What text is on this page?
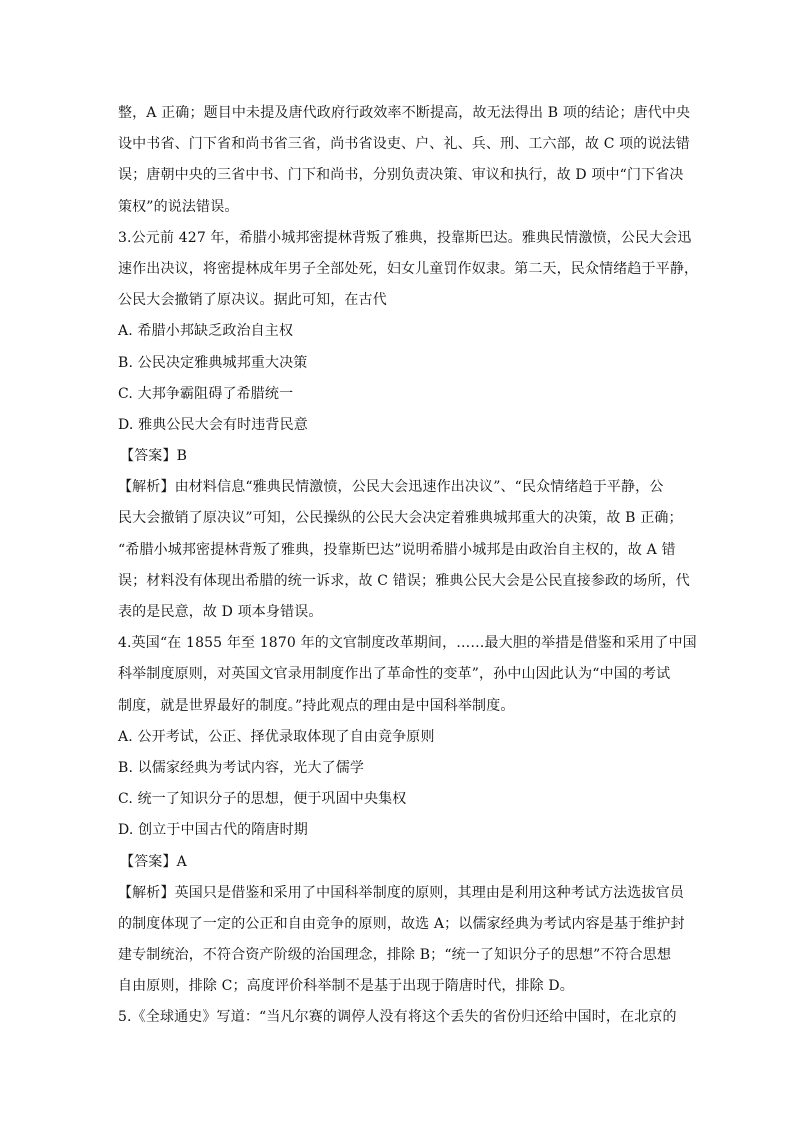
整，A 正确；题目中未提及唐代政府行政效率不断提高，故无法得出 B 项的结论；唐代中央
设中书省、门下省和尚书省三省，尚书省设吏、户、礼、兵、刑、工六部，故 C 项的说法错
误；唐朝中央的三省中书、门下和尚书，分别负责决策、审议和执行，故 D 项中“门下省决
策权”的说法错误。
3.公元前 427 年，希腊小城邦密提林背叛了雅典，投靠斯巴达。雅典民情激愤，公民大会迅
速作出决议，将密提林成年男子全部处死，妇女儿童罚作奴隶。第二天，民众情绪趋于平静，
公民大会撤销了原决议。据此可知，在古代
A. 希腊小邦缺乏政治自主权
B. 公民决定雅典城邦重大决策
C. 大邦争霸阻碍了希腊统一
D. 雅典公民大会有时违背民意
【答案】B
【解析】由材料信息“雅典民情激愤，公民大会迅速作出决议”、“民众情绪趋于平静，公
民大会撤销了原决议”可知，公民操纵的公民大会决定着雅典城邦重大的决策，故 B 正确；
“希腊小城邦密提林背叛了雅典，投靠斯巴达”说明希腊小城邦是由政治自主权的，故 A 错
误；材料没有体现出希腊的统一诉求，故 C 错误；雅典公民大会是公民直接参政的场所，代
表的是民意，故 D 项本身错误。
4.英国“在 1855 年至 1870 年的文官制度改革期间，……最大胆的举措是借鉴和采用了中国
科举制度原则，对英国文官录用制度作出了革命性的变革”，孙中山因此认为“中国的考试
制度，就是世界最好的制度。”持此观点的理由是中国科举制度。
A. 公开考试，公正、择优录取体现了自由竞争原则
B. 以儒家经典为考试内容，光大了儒学
C. 统一了知识分子的思想，便于巩固中央集权
D. 创立于中国古代的隋唐时期
【答案】A
【解析】英国只是借鉴和采用了中国科举制度的原则，其理由是利用这种考试方法选拔官员
的制度体现了一定的公正和自由竞争的原则，故选 A；以儒家经典为考试内容是基于维护封
建专制统治，不符合资产阶级的治国理念，排除 B；“统一了知识分子的思想”不符合思想
自由原则，排除 C；高度评价科举制不是基于出现于隋唐时代，排除 D。
5.《全球通史》写道：“当凡尔赛的调停人没有将这个丢失的省份归还给中国时，在北京的
